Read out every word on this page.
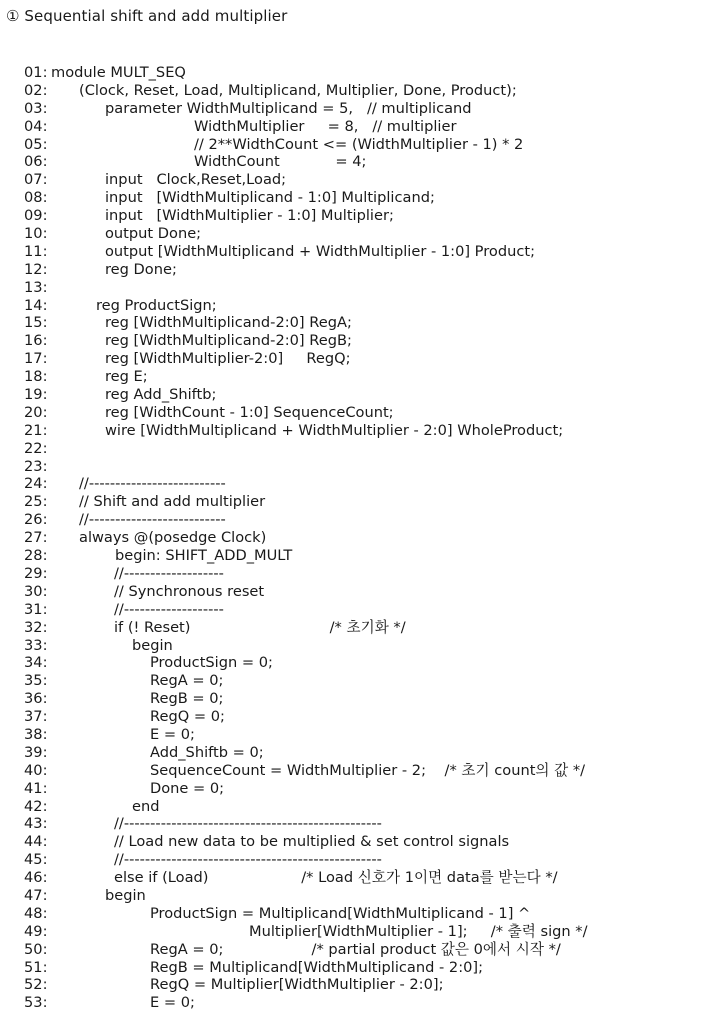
① Sequential shift and add multiplier
01: module MULT_SEQ
02: (Clock, Reset, Load, Multiplicand, Multiplier, Done, Product);
03:	parameter WidthMultiplicand = 5,   // multiplicand
04:	WidthMultiplier     = 8,   // multiplier
05:	// 2**WidthCount <= (WidthMultiplier - 1) * 2
06:	WidthCount            = 4;
07:	input   Clock,Reset,Load;
08:	input   [WidthMultiplicand - 1:0] Multiplicand;
09:	input   [WidthMultiplier - 1:0] Multiplier;
10:	output Done;
11:	output [WidthMultiplicand + WidthMultiplier - 1:0] Product;
12:	reg Done;
13:
14:	reg ProductSign;
15:	reg [WidthMultiplicand-2:0] RegA;
16:	reg [WidthMultiplicand-2:0] RegB;
17:	reg [WidthMultiplier-2:0]     RegQ;
18:	reg E;
19:	reg Add_Shiftb;
20:	reg [WidthCount - 1:0] SequenceCount;
21:	wire [WidthMultiplicand + WidthMultiplier - 2:0] WholeProduct;
22:
23:
24: //--------------------------
25: // Shift and add multiplier
26: //--------------------------
27: always @(posedge Clock)
28:	begin: SHIFT_ADD_MULT
29:	//-------------------
30:	// Synchronous reset
31:	//-------------------
32:	if (! Reset)                              /* 초기화 */
33:	begin
34:	ProductSign = 0;
35:	RegA = 0;
36:	RegB = 0;
37:	RegQ = 0;
38:	E = 0;
39:	Add_Shiftb = 0;
40:	SequenceCount = WidthMultiplier - 2;    /* 초기 count의 값 */
41:	Done = 0;
42:	end
43:	//-------------------------------------------------
44:	// Load new data to be multiplied & set control signals
45:	//-------------------------------------------------
46:	else if (Load)                    /* Load 신호가 1이면 data를 받는다 */
47:	begin
48:	ProductSign = Multiplicand[WidthMultiplicand - 1] ^
49:	Multiplier[WidthMultiplier - 1];     /* 출력 sign */
50:	RegA = 0;                   /* partial product 값은 0에서 시작 */
51:	RegB = Multiplicand[WidthMultiplicand - 2:0];
52:	RegQ = Multiplier[WidthMultiplier - 2:0];
53:	E = 0;
